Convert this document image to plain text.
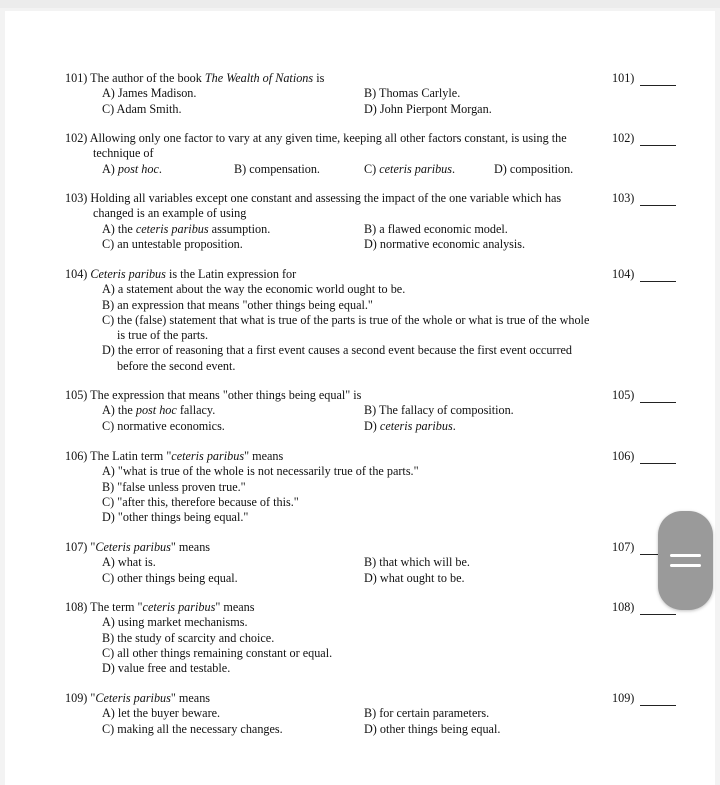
101) The author of the book The Wealth of Nations is
A) James Madison.	B) Thomas Carlyle.
C) Adam Smith.	D) John Pierpont Morgan.
101)
102) Allowing only one factor to vary at any given time, keeping all other factors constant, is using the technique of
A) post hoc.	B) compensation.	C) ceteris paribus.	D) composition.
102)
103) Holding all variables except one constant and assessing the impact of the one variable which has changed is an example of using
A) the ceteris paribus assumption.	B) a flawed economic model.
C) an untestable proposition.	D) normative economic analysis.
103)
104) Ceteris paribus is the Latin expression for
A) a statement about the way the economic world ought to be.
B) an expression that means "other things being equal."
C) the (false) statement that what is true of the parts is true of the whole or what is true of the whole is true of the parts.
D) the error of reasoning that a first event causes a second event because the first event occurred before the second event.
104)
105) The expression that means "other things being equal" is
A) the post hoc fallacy.	B) The fallacy of composition.
C) normative economics.	D) ceteris paribus.
105)
106) The Latin term "ceteris paribus" means
A) "what is true of the whole is not necessarily true of the parts."
B) "false unless proven true."
C) "after this, therefore because of this."
D) "other things being equal."
106)
107) "Ceteris paribus" means
A) what is.	B) that which will be.
C) other things being equal.	D) what ought to be.
107)
108) The term "ceteris paribus" means
A) using market mechanisms.
B) the study of scarcity and choice.
C) all other things remaining constant or equal.
D) value free and testable.
108)
109) "Ceteris paribus" means
A) let the buyer beware.	B) for certain parameters.
C) making all the necessary changes.	D) other things being equal.
109)
